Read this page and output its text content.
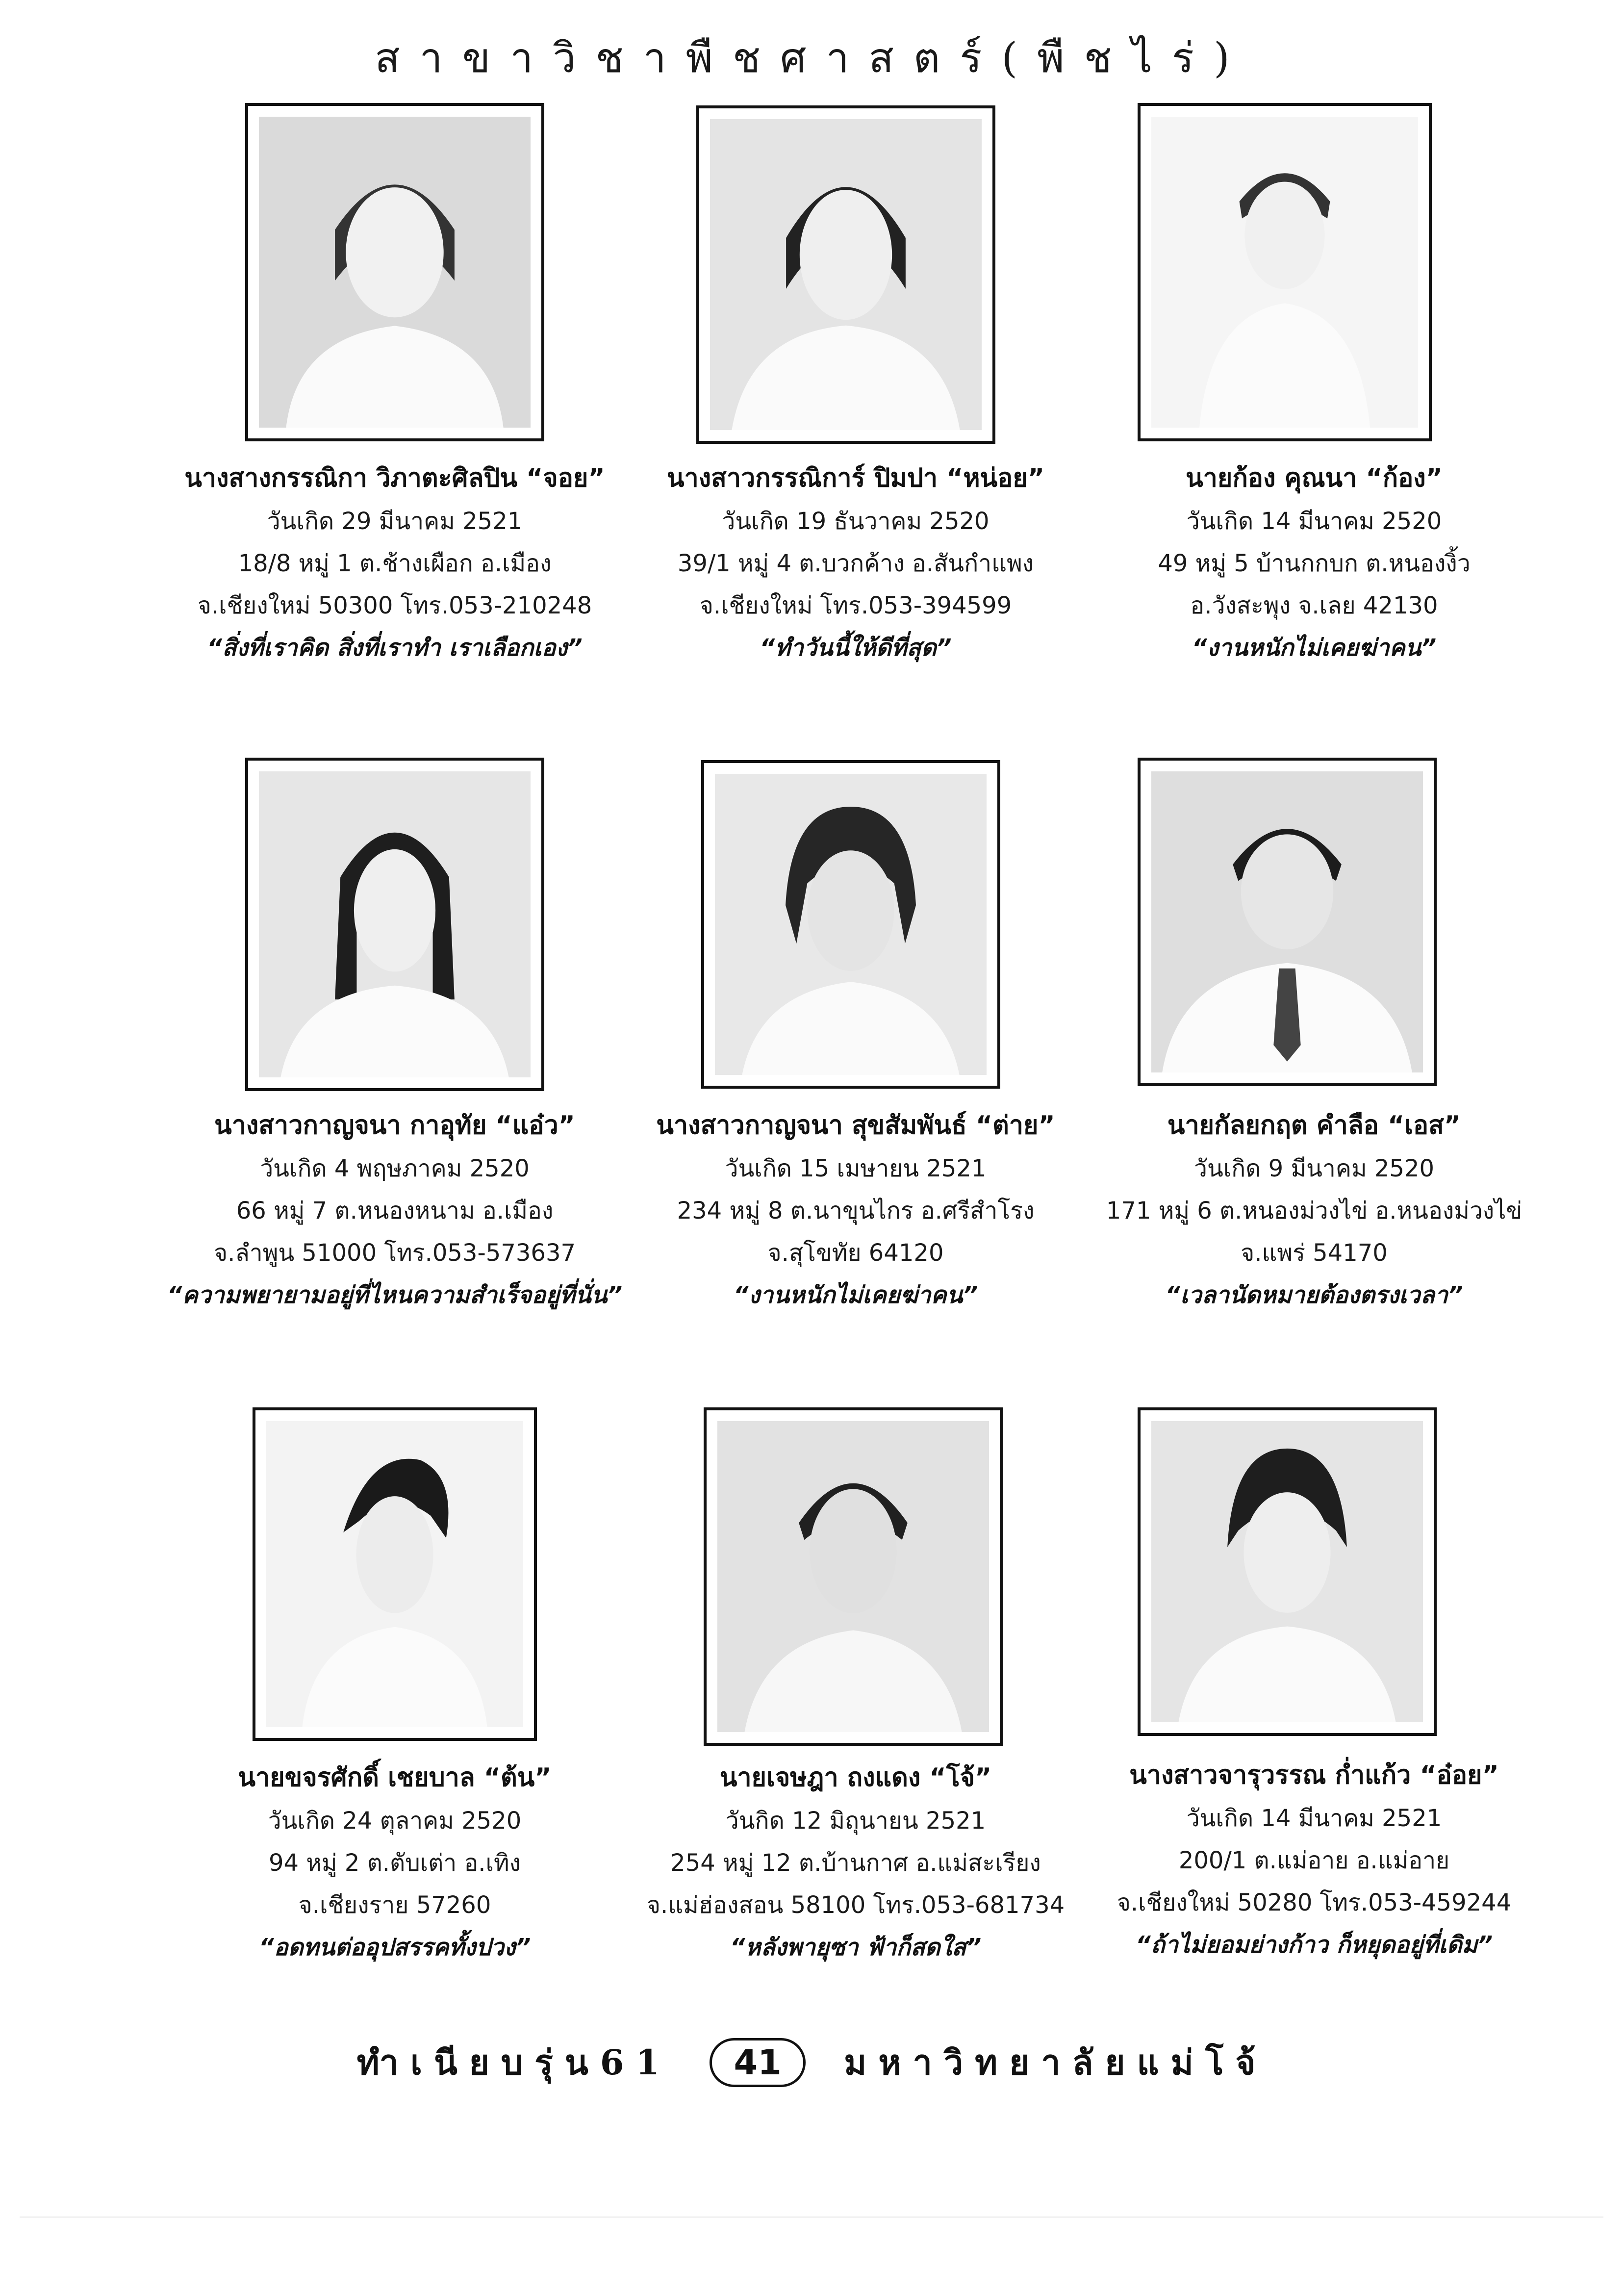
สาขาวิชาพืชศาสตร์(พืชไร่)
นางสางกรรณิกา วิภาตะศิลปิน “จอย”
วันเกิด 29 มีนาคม 2521
18/8 หมู่ 1 ต.ช้างเผือก อ.เมือง
จ.เชียงใหม่ 50300 โทร.053-210248
“สิ่งที่เราคิด สิ่งที่เราทำ เราเลือกเอง”
นางสาวกรรณิการ์ ปิมปา “หน่อย”
วันเกิด 19 ธันวาคม 2520
39/1 หมู่ 4 ต.บวกค้าง อ.สันกำแพง
จ.เชียงใหม่ โทร.053-394599
“ทำวันนี้ให้ดีที่สุด”
นายก้อง คุณนา “ก้อง”
วันเกิด 14 มีนาคม 2520
49 หมู่ 5 บ้านกกบก ต.หนองงิ้ว
อ.วังสะพุง จ.เลย 42130
“งานหนักไม่เคยฆ่าคน”
นางสาวกาญจนา กาอุทัย “แอ๋ว”
วันเกิด 4 พฤษภาคม 2520
66 หมู่ 7 ต.หนองหนาม อ.เมือง
จ.ลำพูน 51000 โทร.053-573637
“ความพยายามอยู่ที่ไหนความสำเร็จอยู่ที่นั่น”
นางสาวกาญจนา สุขสัมพันธ์ “ต่าย”
วันเกิด 15 เมษายน 2521
234 หมู่ 8 ต.นาขุนไกร อ.ศรีสำโรง
จ.สุโขทัย 64120
“งานหนักไม่เคยฆ่าคน”
นายกัลยกฤต คำลือ “เอส”
วันเกิด 9 มีนาคม 2520
171 หมู่ 6 ต.หนองม่วงไข่ อ.หนองม่วงไข่
จ.แพร่ 54170
“เวลานัดหมายต้องตรงเวลา”
นายขจรศักดิ์ เชยบาล “ต้น”
วันเกิด 24 ตุลาคม 2520
94 หมู่ 2 ต.ตับเต่า อ.เทิง
จ.เชียงราย 57260
“อดทนต่ออุปสรรคทั้งปวง”
นายเจษฎา ถงแดง “โจ้”
วันกิด 12 มิถุนายน 2521
254 หมู่ 12 ต.บ้านกาศ อ.แม่สะเรียง
จ.แม่ฮ่องสอน 58100 โทร.053-681734
“หลังพายุซา ฟ้าก็สดใส”
นางสาวจารุวรรณ ก่ำแก้ว “อ๋อย”
วันเกิด 14 มีนาคม 2521
200/1 ต.แม่อาย อ.แม่อาย
จ.เชียงใหม่ 50280 โทร.053-459244
“ถ้าไม่ยอมย่างก้าว ก็หยุดอยู่ที่เดิม”
ทำเนียบรุ่น61 41 มหาวิทยาลัยแม่โจ้
